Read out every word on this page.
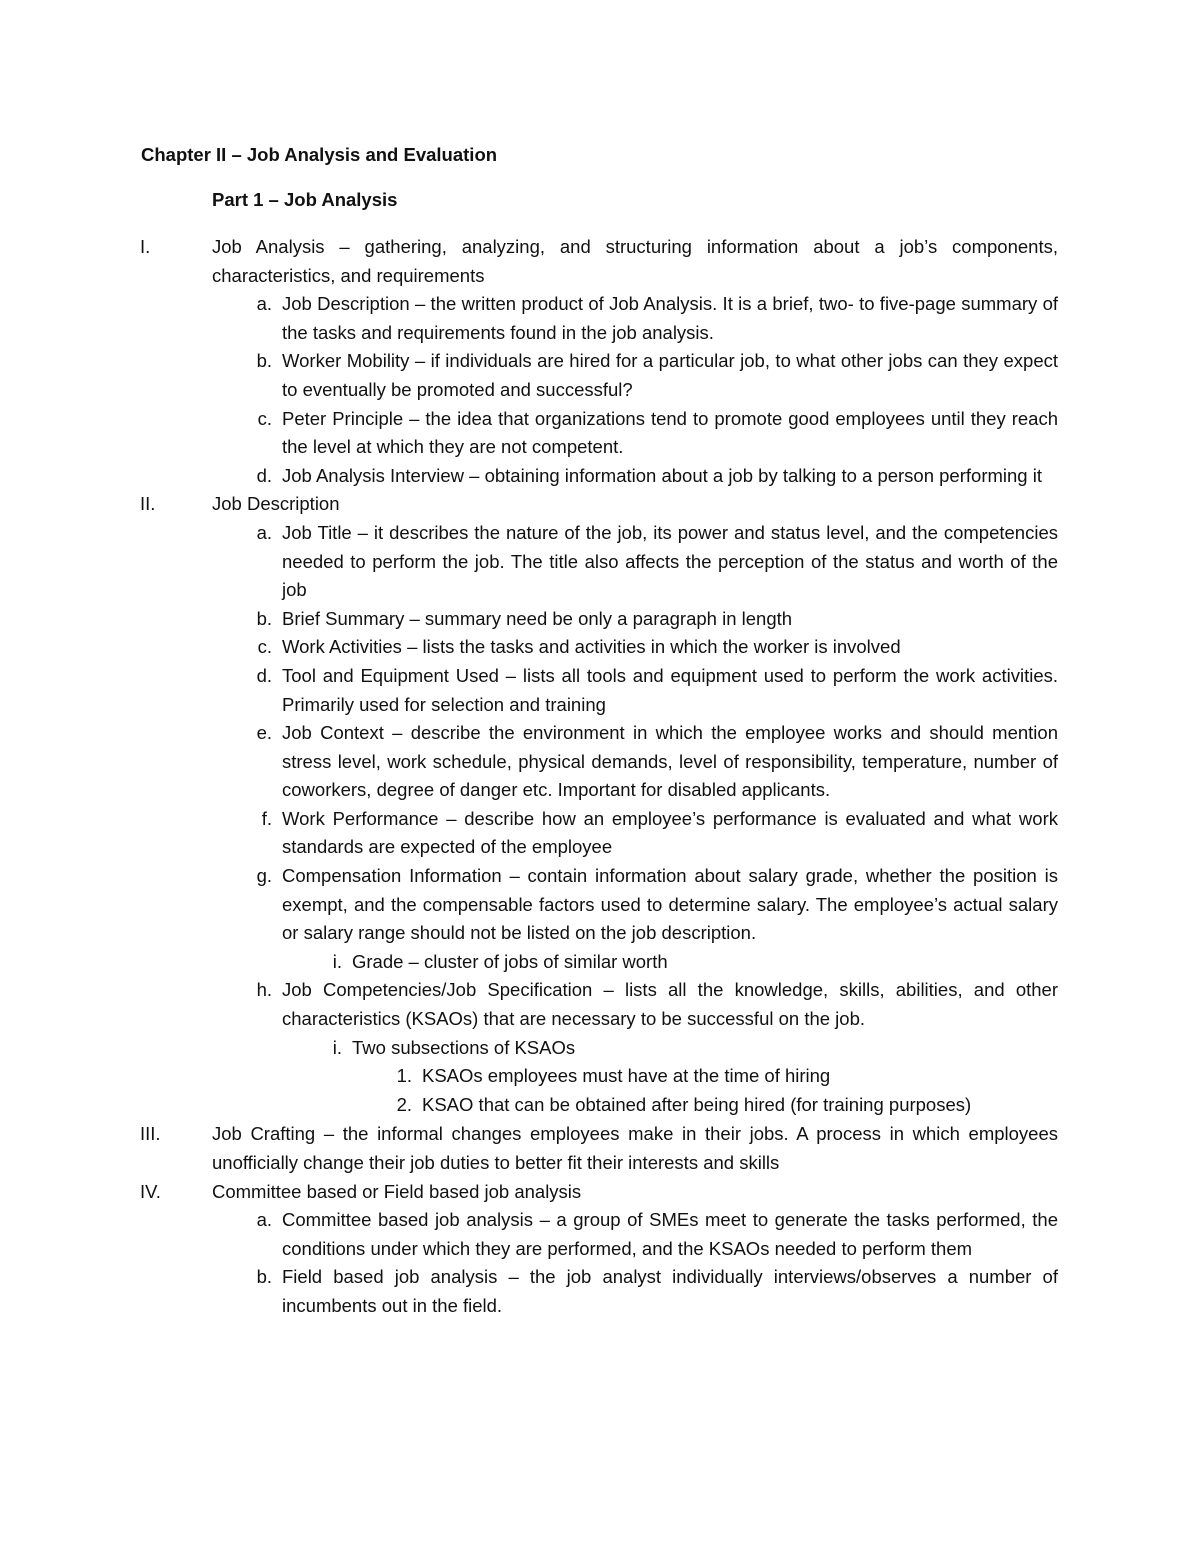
Chapter II – Job Analysis and Evaluation
Part 1 – Job Analysis
I.	Job Analysis – gathering, analyzing, and structuring information about a job’s components, characteristics, and requirements
a. Job Description – the written product of Job Analysis. It is a brief, two- to five-page summary of the tasks and requirements found in the job analysis.
b. Worker Mobility – if individuals are hired for a particular job, to what other jobs can they expect to eventually be promoted and successful?
c. Peter Principle – the idea that organizations tend to promote good employees until they reach the level at which they are not competent.
d. Job Analysis Interview – obtaining information about a job by talking to a person performing it
II.	Job Description
a. Job Title – it describes the nature of the job, its power and status level, and the competencies needed to perform the job. The title also affects the perception of the status and worth of the job
b. Brief Summary – summary need be only a paragraph in length
c. Work Activities – lists the tasks and activities in which the worker is involved
d. Tool and Equipment Used – lists all tools and equipment used to perform the work activities. Primarily used for selection and training
e. Job Context – describe the environment in which the employee works and should mention stress level, work schedule, physical demands, level of responsibility, temperature, number of coworkers, degree of danger etc. Important for disabled applicants.
f. Work Performance – describe how an employee’s performance is evaluated and what work standards are expected of the employee
g. Compensation Information – contain information about salary grade, whether the position is exempt, and the compensable factors used to determine salary. The employee’s actual salary or salary range should not be listed on the job description.
i. Grade – cluster of jobs of similar worth
h. Job Competencies/Job Specification – lists all the knowledge, skills, abilities, and other characteristics (KSAOs) that are necessary to be successful on the job.
i. Two subsections of KSAOs
1. KSAOs employees must have at the time of hiring
2. KSAO that can be obtained after being hired (for training purposes)
III.	Job Crafting – the informal changes employees make in their jobs. A process in which employees unofficially change their job duties to better fit their interests and skills
IV.	Committee based or Field based job analysis
a. Committee based job analysis – a group of SMEs meet to generate the tasks performed, the conditions under which they are performed, and the KSAOs needed to perform them
b. Field based job analysis – the job analyst individually interviews/observes a number of incumbents out in the field.
